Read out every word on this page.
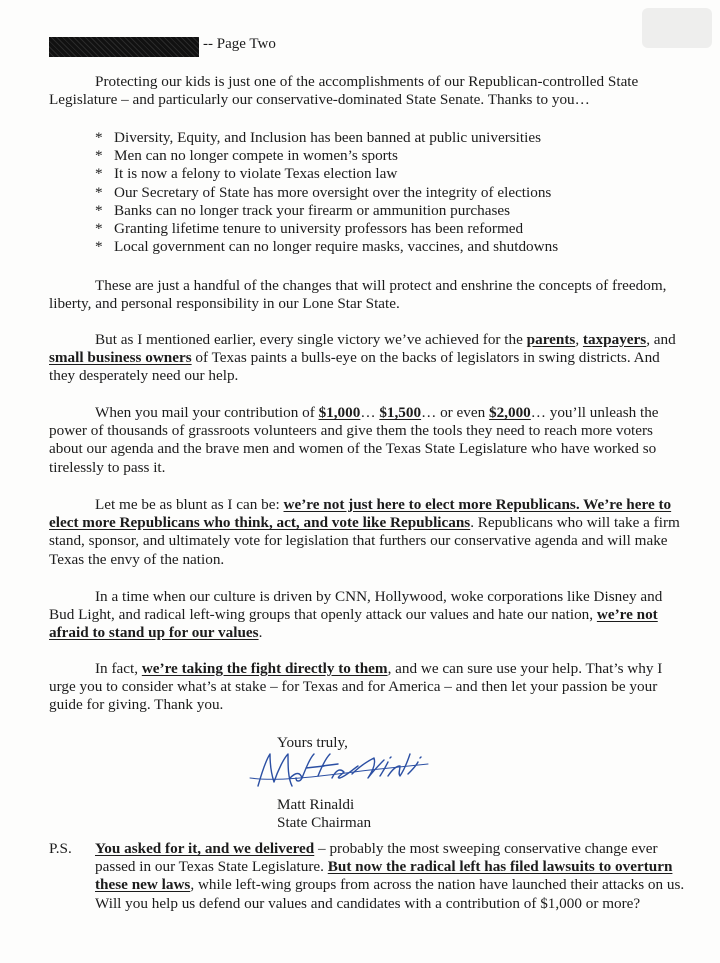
-- Page Two
Protecting our kids is just one of the accomplishments of our Republican-controlled State Legislature – and particularly our conservative-dominated State Senate. Thanks to you…
* Diversity, Equity, and Inclusion has been banned at public universities
* Men can no longer compete in women’s sports
* It is now a felony to violate Texas election law
* Our Secretary of State has more oversight over the integrity of elections
* Banks can no longer track your firearm or ammunition purchases
* Granting lifetime tenure to university professors has been reformed
* Local government can no longer require masks, vaccines, and shutdowns
These are just a handful of the changes that will protect and enshrine the concepts of freedom, liberty, and personal responsibility in our Lone Star State.
But as I mentioned earlier, every single victory we’ve achieved for the parents, taxpayers, and small business owners of Texas paints a bulls-eye on the backs of legislators in swing districts. And they desperately need our help.
When you mail your contribution of $1,000… $1,500… or even $2,000… you’ll unleash the power of thousands of grassroots volunteers and give them the tools they need to reach more voters about our agenda and the brave men and women of the Texas State Legislature who have worked so tirelessly to pass it.
Let me be as blunt as I can be: we’re not just here to elect more Republicans. We’re here to elect more Republicans who think, act, and vote like Republicans. Republicans who will take a firm stand, sponsor, and ultimately vote for legislation that furthers our conservative agenda and will make Texas the envy of the nation.
In a time when our culture is driven by CNN, Hollywood, woke corporations like Disney and Bud Light, and radical left-wing groups that openly attack our values and hate our nation, we’re not afraid to stand up for our values.
In fact, we’re taking the fight directly to them, and we can sure use your help. That’s why I urge you to consider what’s at stake – for Texas and for America – and then let your passion be your guide for giving. Thank you.
Yours truly,
Matt Rinaldi
State Chairman
P.S. You asked for it, and we delivered – probably the most sweeping conservative change ever passed in our Texas State Legislature. But now the radical left has filed lawsuits to overturn these new laws, while left-wing groups from across the nation have launched their attacks on us. Will you help us defend our values and candidates with a contribution of $1,000 or more?
